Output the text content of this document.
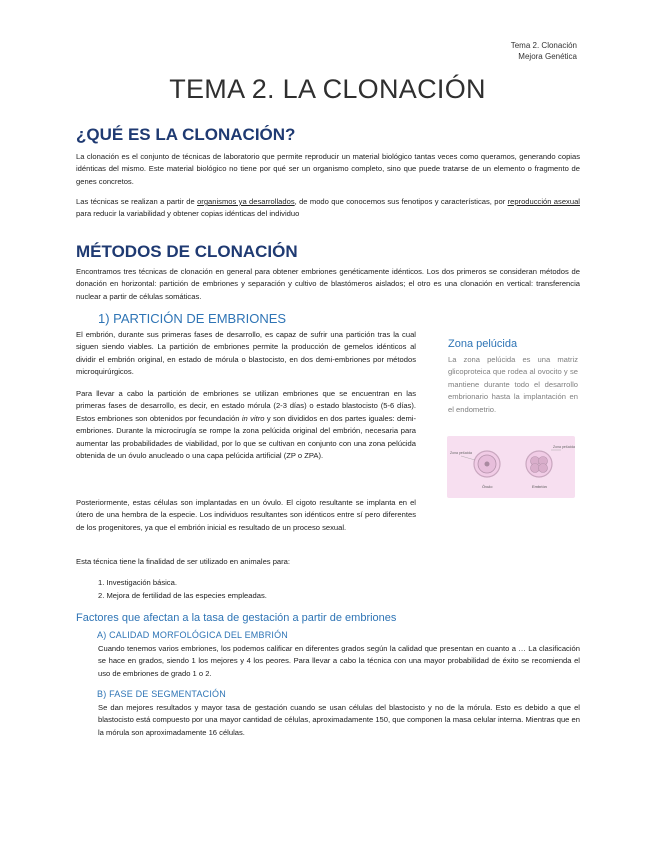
Tema 2. Clonación
Mejora Genética
TEMA 2. LA CLONACIÓN
¿QUÉ ES LA CLONACIÓN?

La clonación es el conjunto de técnicas de laboratorio que permite reproducir un material biológico tantas veces como queramos, generando copias idénticas del mismo. Este material biológico no tiene por qué ser un organismo completo, sino que puede tratarse de un elemento o fragmento de genes concretos.

Las técnicas se realizan a partir de organismos ya desarrollados, de modo que conocemos sus fenotipos y características, por reproducción asexual para reducir la variabilidad y obtener copias idénticas del individuo

MÉTODOS DE CLONACIÓN

Encontramos tres técnicas de clonación en general para obtener embriones genéticamente idénticos. Los dos primeros se consideran métodos de donación en horizontal: partición de embriones y separación y cultivo de blastómeros aislados; el otro es una clonación en vertical: transferencia nuclear a partir de células somáticas.

1) PARTICIÓN DE EMBRIONES

El embrión, durante sus primeras fases de desarrollo, es capaz de sufrir una partición tras la cual siguen siendo viables. La partición de embriones permite la producción de gemelos idénticos al dividir el embrión original, en estado de mórula o blastocisto, en dos demi-embriones por métodos microquirúrgicos.

Para llevar a cabo la partición de embriones se utilizan embriones que se encuentran en las primeras fases de desarrollo, es decir, en estado mórula (2-3 días) o estado blastocisto (5-6 días). Estos embriones son obtenidos por fecundación in vitro y son divididos en dos partes iguales: demi-embriones. Durante la microcirugía se rompe la zona pelúcida original del embrión, necesaria para aumentar las probabilidades de viabilidad, por lo que se cultivan en conjunto con una zona pelúcida obtenida de un óvulo anucleado o una capa pelúcida artificial (ZP o ZPA).

Posteriormente, estas células son implantadas en un óvulo. El cigoto resultante se implanta en el útero de una hembra de la especie. Los individuos resultantes son idénticos entre sí pero diferentes de los progenitores, ya que el embrión inicial es resultado de un proceso sexual.

Esta técnica tiene la finalidad de ser utilizado en animales para:

1. Investigación básica.
2. Mejora de fertilidad de las especies empleadas.
Zona pelúcida

La zona pelúcida es una matriz glicoproteica que rodea al ovocito y se mantiene durante todo el desarrollo embrionario hasta la implantación en el endometrio.

Zona pelúcida
Zona pelúcida
Óvulo	Embrión
Factores que afectan a la tasa de gestación a partir de embriones
A) CALIDAD MORFOLÓGICA DEL EMBRIÓN

Cuando tenemos varios embriones, los podemos calificar en diferentes grados según la calidad que presentan en cuanto a … La clasificación se hace en grados, siendo 1 los mejores y 4 los peores. Para llevar a cabo la técnica con una mayor probabilidad de éxito se recomienda el uso de embriones de grado 1 o 2.

B) FASE DE SEGMENTACIÓN

Se dan mejores resultados y mayor tasa de gestación cuando se usan células del blastocisto y no de la mórula. Esto es debido a que el blastocisto está compuesto por una mayor cantidad de células, aproximadamente 150, que componen la masa celular interna. Mientras que en la mórula son aproximadamente 16 células.
